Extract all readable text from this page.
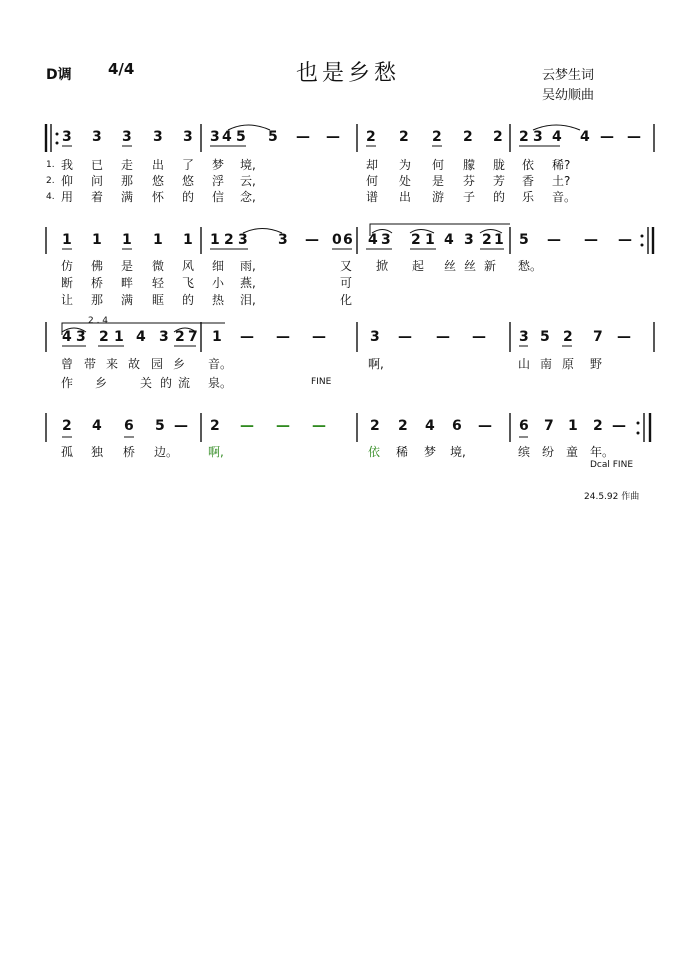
D调 4/4	也是乡愁	云梦生词
吴幼顺曲
1.
2.
4.
3 3 3 3 3 3 4 5 5 — — 2 2 2 2 2 2 3 4 4 — —
我 已 走 出 了 梦 境,	却 为 何 朦 胧 依 稀?
仰 问 那 悠 悠 浮 云,	何 处 是 芬 芳 香 土?
用 着 满 怀 的 信 念,	谱 出 游 子 的 乐 音。
1 1 1 1 1 1 2 3 3 — 0 6 4 3 2 1 4 3 2 1 5 — — —
仿 佛 是 微 风 细 雨,	又 掀 起 丝 丝 新 愁。
断 桥 畔 轻 飞 小 燕,	可
让 那 满 眶 的 热 泪,	化
2 . 4
4 3 2 1 4 3 2 7 1 — — —	3 — — — 3 5 2 7 —
曾 带 来 故 园 乡 音。	啊,	山 南 原 野
作 乡	关 的 流 泉。	FINE
2 4 6 5 — 2 — — —	2 2 4 6 — 6 7 1 2 —
孤 独 桥 边。 啊,	依 稀 梦 境,	缤 纷 童 年。
Dcal FINE
24.5.92 作曲
